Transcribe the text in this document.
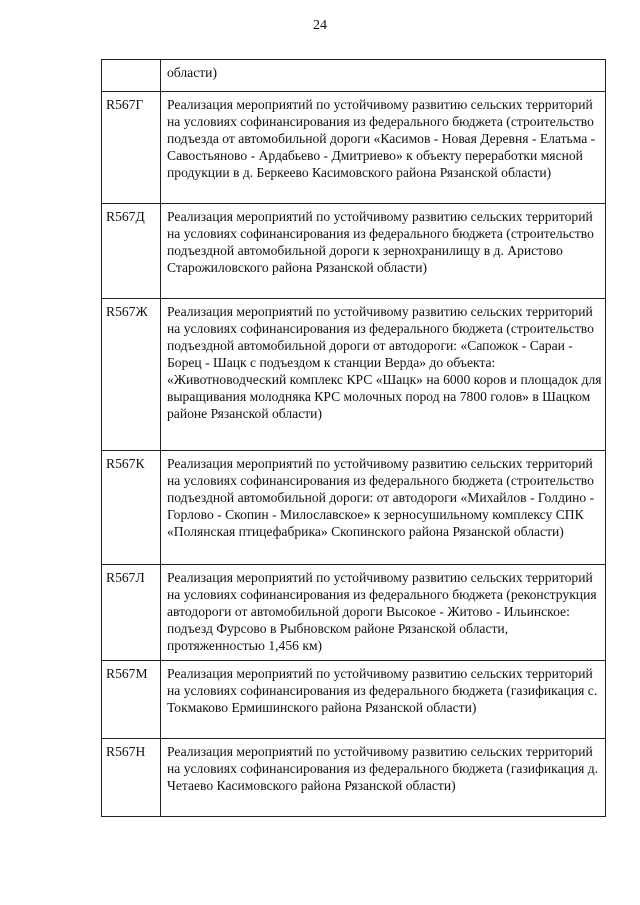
24
	области)
R567Г	Реализация мероприятий по устойчивому развитию сельских территорий на условиях софинансирования из федерального бюджета (строительство подъезда от автомобильной дороги «Касимов - Новая Деревня - Елатьма - Савостьяново - Ардабьево - Дмитриево» к объекту переработки мясной продукции в д. Беркеево Касимовского района Рязанской области)
R567Д	Реализация мероприятий по устойчивому развитию сельских территорий на условиях софинансирования из федерального бюджета (строительство подъездной автомобильной дороги к зернохранилищу в д. Аристово Старожиловского района Рязанской области)
R567Ж	Реализация мероприятий по устойчивому развитию сельских территорий на условиях софинансирования из федерального бюджета (строительство подъездной автомобильной дороги от автодороги: «Сапожок - Сараи - Борец - Шацк с подъездом к станции Верда» до объекта: «Животноводческий комплекс КРС «Шацк» на 6000 коров и площадок для выращивания молодняка КРС молочных пород на 7800 голов» в Шацком районе Рязанской области)
R567К	Реализация мероприятий по устойчивому развитию сельских территорий на условиях софинансирования из федерального бюджета (строительство подъездной автомобильной дороги: от автодороги «Михайлов - Голдино - Горлово - Скопин - Милославское» к зерносушильному комплексу СПК «Полянская птицефабрика» Скопинского района Рязанской области)
R567Л	Реализация мероприятий по устойчивому развитию сельских территорий на условиях софинансирования из федерального бюджета (реконструкция автодороги от автомобильной дороги Высокое - Житово - Ильинское: подъезд Фурсово в Рыбновском районе Рязанской области, протяженностью 1,456 км)
R567М	Реализация мероприятий по устойчивому развитию сельских территорий на условиях софинансирования из федерального бюджета (газификация с. Токмаково Ермишинского района Рязанской области)
R567Н	Реализация мероприятий по устойчивому развитию сельских территорий на условиях софинансирования из федерального бюджета (газификация д. Четаево Касимовского района Рязанской области)
